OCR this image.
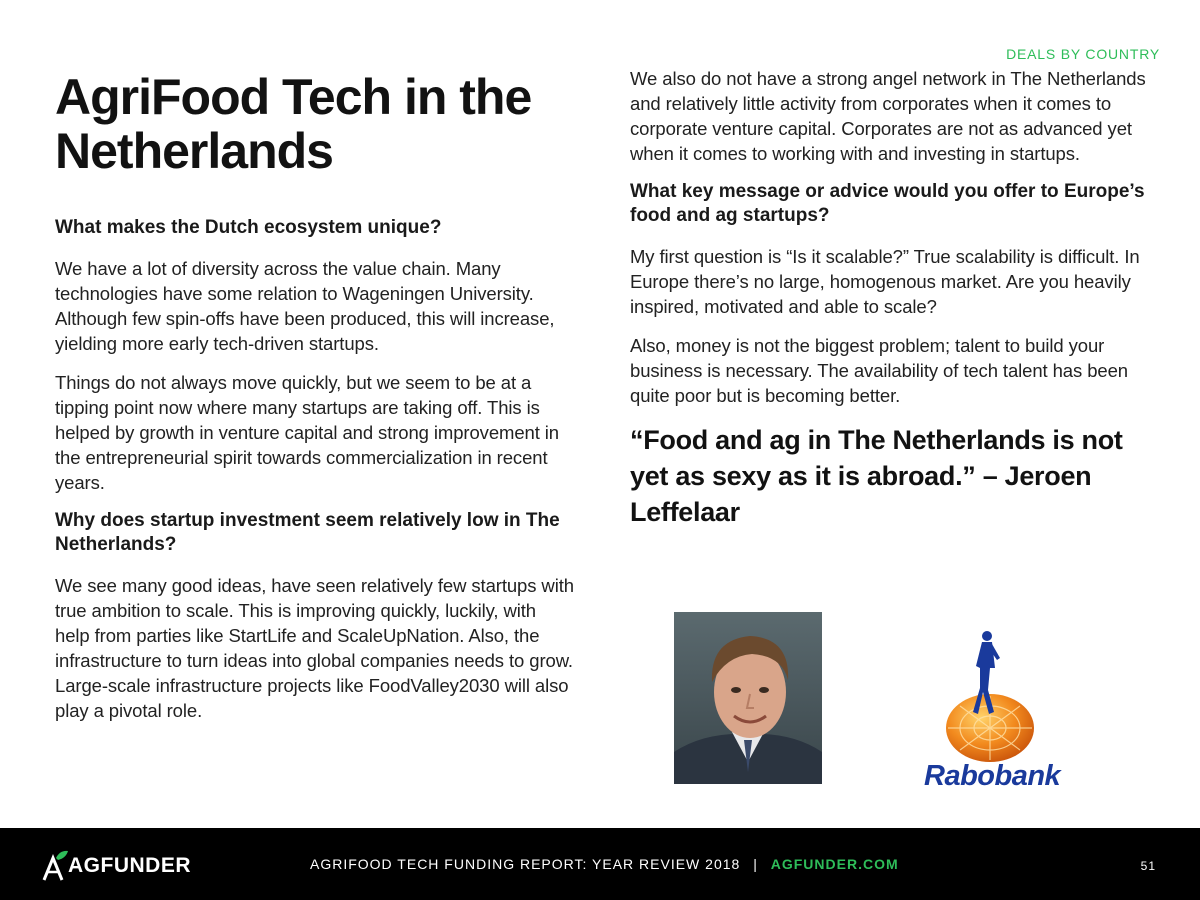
DEALS BY COUNTRY
AgriFood Tech in the Netherlands
What makes the Dutch ecosystem unique?

We have a lot of diversity across the value chain. Many technologies have some relation to Wageningen University. Although few spin-offs have been produced, this will increase, yielding more early tech-driven startups.

Things do not always move quickly, but we seem to be at a tipping point now where many startups are taking off. This is helped by growth in venture capital and strong improvement in the entrepreneurial spirit towards commercialization in recent years.

Why does startup investment seem relatively low in The Netherlands?

We see many good ideas, have seen relatively few startups with true ambition to scale. This is improving quickly, luckily, with help from parties like StartLife and ScaleUpNation. Also, the infrastructure to turn ideas into global companies needs to grow. Large-scale infrastructure projects like FoodValley2030 will also play a pivotal role.

We also do not have a strong angel network in The Netherlands and relatively little activity from corporates when it comes to corporate venture capital. Corporates are not as advanced yet when it comes to working with and investing in startups.

What key message or advice would you offer to Europe’s food and ag startups?

My first question is “Is it scalable?” True scalability is difficult. In Europe there’s no large, homogenous market. Are you heavily inspired, motivated and able to scale?

Also, money is not the biggest problem; talent to build your business is necessary. The availability of tech talent has been quite poor but is becoming better.

“Food and ag in The Netherlands is not yet as sexy as it is abroad.” – Jeroen Leffelaar
Rabobank
AGFUNDER	AGRIFOOD TECH FUNDING REPORT: YEAR REVIEW 2018 | AGFUNDER.COM	51
